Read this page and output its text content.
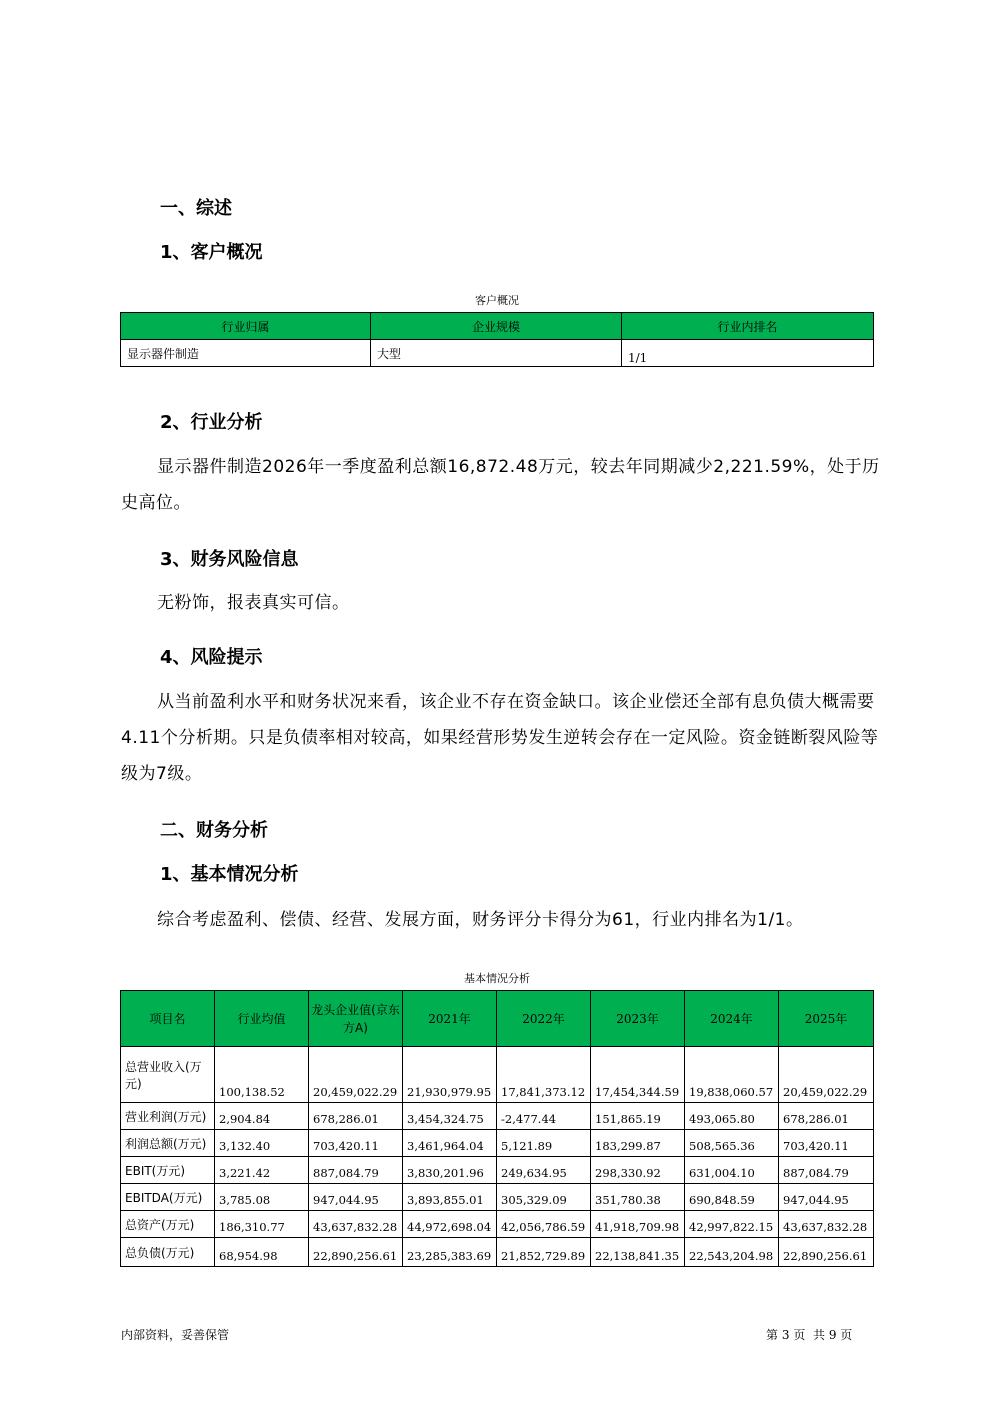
一、综述
1、客户概况
客户概况
行业归属	企业规模	行业内排名
显示器件制造	大型	1/1
2、行业分析
显示器件制造2026年一季度盈利总额16,872.48万元，较去年同期减少2,221.59%，处于历史高位。
3、财务风险信息
无粉饰，报表真实可信。
4、风险提示
从当前盈利水平和财务状况来看，该企业不存在资金缺口。该企业偿还全部有息负债大概需要 4.11个分析期。只是负债率相对较高，如果经营形势发生逆转会存在一定风险。资金链断裂风险等级为7级。
二、财务分析
1、基本情况分析
综合考虑盈利、偿债、经营、发展方面，财务评分卡得分为61，行业内排名为1/1。
基本情况分析
项目名	行业均值	龙头企业值(京东方A)	2021年	2022年	2023年	2024年	2025年
总营业收入(万元)	100,138.52	20,459,022.29	21,930,979.95	17,841,373.12	17,454,344.59	19,838,060.57	20,459,022.29
营业利润(万元)	2,904.84	678,286.01	3,454,324.75	-2,477.44	151,865.19	493,065.80	678,286.01
利润总额(万元)	3,132.40	703,420.11	3,461,964.04	5,121.89	183,299.87	508,565.36	703,420.11
EBIT(万元)	3,221.42	887,084.79	3,830,201.96	249,634.95	298,330.92	631,004.10	887,084.79
EBITDA(万元)	3,785.08	947,044.95	3,893,855.01	305,329.09	351,780.38	690,848.59	947,044.95
总资产(万元)	186,310.77	43,637,832.28	44,972,698.04	42,056,786.59	41,918,709.98	42,997,822.15	43,637,832.28
总负债(万元)	68,954.98	22,890,256.61	23,285,383.69	21,852,729.89	22,138,841.35	22,543,204.98	22,890,256.61
内部资料，妥善保管	第 3 页 共 9 页
